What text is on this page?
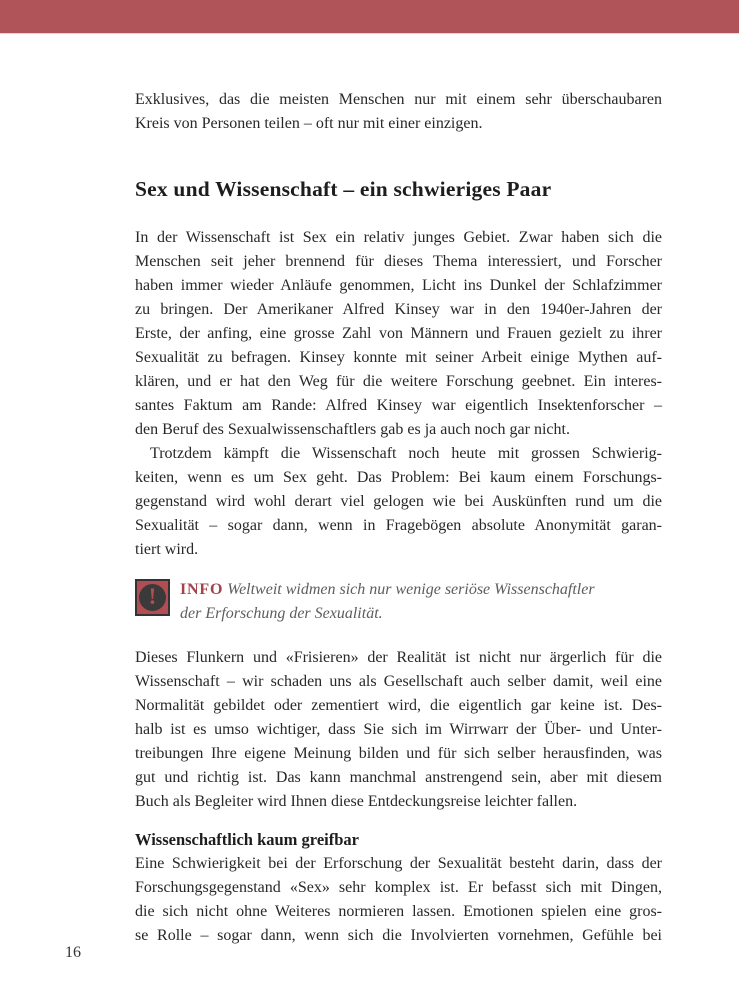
Exklusives, das die meisten Menschen nur mit einem sehr überschaubaren
Kreis von Personen teilen – oft nur mit einer einzigen.
Sex und Wissenschaft – ein schwieriges Paar
In der Wissenschaft ist Sex ein relativ junges Gebiet. Zwar haben sich die
Menschen seit jeher brennend für dieses Thema interessiert, und Forscher
haben immer wieder Anläufe genommen, Licht ins Dunkel der Schlafzimmer
zu bringen. Der Amerikaner Alfred Kinsey war in den 1940er-Jahren der
Erste, der anfing, eine grosse Zahl von Männern und Frauen gezielt zu ihrer
Sexualität zu befragen. Kinsey konnte mit seiner Arbeit einige Mythen auf-
klären, und er hat den Weg für die weitere Forschung geebnet. Ein interes-
santes Faktum am Rande: Alfred Kinsey war eigentlich Insektenforscher –
den Beruf des Sexualwissenschaftlers gab es ja auch noch gar nicht.
Trotzdem kämpft die Wissenschaft noch heute mit grossen Schwierig-
keiten, wenn es um Sex geht. Das Problem: Bei kaum einem Forschungs-
gegenstand wird wohl derart viel gelogen wie bei Auskünften rund um die
Sexualität – sogar dann, wenn in Fragebögen absolute Anonymität garan-
tiert wird.
! INFO Weltweit widmen sich nur wenige seriöse Wissenschaftler
der Erforschung der Sexualität.
Dieses Flunkern und «Frisieren» der Realität ist nicht nur ärgerlich für die
Wissenschaft – wir schaden uns als Gesellschaft auch selber damit, weil eine
Normalität gebildet oder zementiert wird, die eigentlich gar keine ist. Des-
halb ist es umso wichtiger, dass Sie sich im Wirrwarr der Über- und Unter-
treibungen Ihre eigene Meinung bilden und für sich selber herausfinden, was
gut und richtig ist. Das kann manchmal anstrengend sein, aber mit diesem
Buch als Begleiter wird Ihnen diese Entdeckungsreise leichter fallen.
Wissenschaftlich kaum greifbar
Eine Schwierigkeit bei der Erforschung der Sexualität besteht darin, dass der
Forschungsgegenstand «Sex» sehr komplex ist. Er befasst sich mit Dingen,
die sich nicht ohne Weiteres normieren lassen. Emotionen spielen eine gros-
se Rolle – sogar dann, wenn sich die Involvierten vornehmen, Gefühle bei
16
